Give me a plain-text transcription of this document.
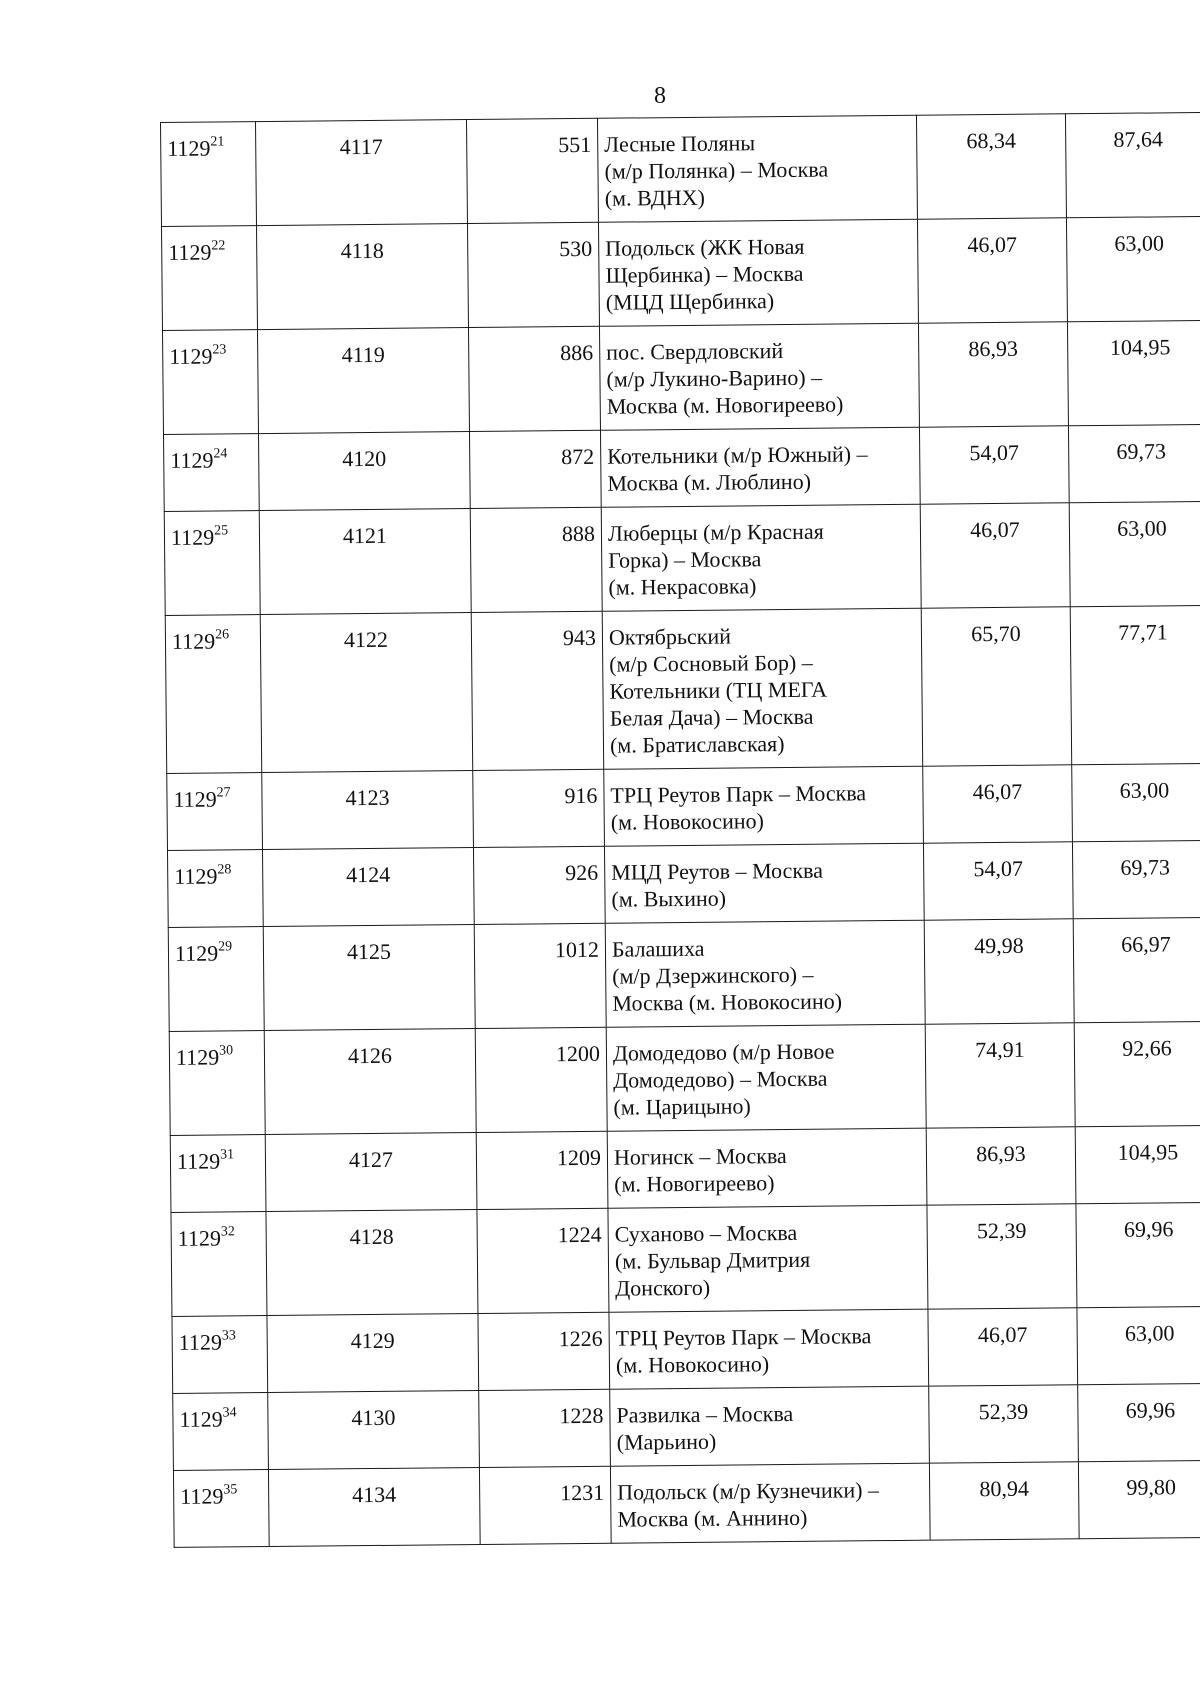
8
1129$^{21}$	4117	551	Лесные Поляны
(м/р Полянка) – Москва
(м. ВДНХ)	68,34	87,64
1129$^{22}$	4118	530	Подольск (ЖК Новая
Щербинка) – Москва
(МЦД Щербинка)	46,07	63,00
1129$^{23}$	4119	886	пос. Свердловский
(м/р Лукино-Варино) –
Москва (м. Новогиреево)	86,93	104,95
1129$^{24}$	4120	872	Котельники (м/р Южный) –
Москва (м. Люблино)	54,07	69,73
1129$^{25}$	4121	888	Люберцы (м/р Красная
Горка) – Москва
(м. Некрасовка)	46,07	63,00
1129$^{26}$	4122	943	Октябрьский
(м/р Сосновый Бор) –
Котельники (ТЦ МЕГА
Белая Дача) – Москва
(м. Братиславская)	65,70	77,71
1129$^{27}$	4123	916	ТРЦ Реутов Парк – Москва
(м. Новокосино)	46,07	63,00
1129$^{28}$	4124	926	МЦД Реутов – Москва
(м. Выхино)	54,07	69,73
1129$^{29}$	4125	1012	Балашиха
(м/р Дзержинского) –
Москва (м. Новокосино)	49,98	66,97
1129$^{30}$	4126	1200	Домодедово (м/р Новое
Домодедово) – Москва
(м. Царицыно)	74,91	92,66
1129$^{31}$	4127	1209	Ногинск – Москва
(м. Новогиреево)	86,93	104,95
1129$^{32}$	4128	1224	Суханово – Москва
(м. Бульвар Дмитрия
Донского)	52,39	69,96
1129$^{33}$	4129	1226	ТРЦ Реутов Парк – Москва
(м. Новокосино)	46,07	63,00
1129$^{34}$	4130	1228	Развилка – Москва
(Марьино)	52,39	69,96
1129$^{35}$	4134	1231	Подольск (м/р Кузнечики) –
Москва (м. Аннино)	80,94	99,80
